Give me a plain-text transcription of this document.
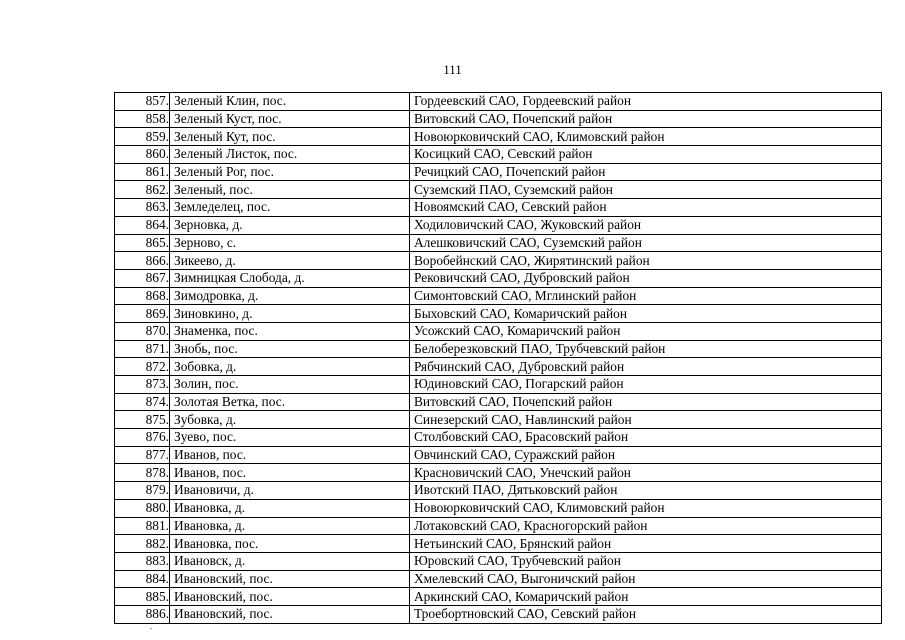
111
857.	Зеленый Клин, пос.	Гордеевский САО, Гордеевский район
858.	Зеленый Куст, пос.	Витовский САО, Почепский район
859.	Зеленый Кут, пос.	Новоюрковичский САО, Климовский район
860.	Зеленый Листок, пос.	Косицкий САО, Севский район
861.	Зеленый Рог, пос.	Речицкий САО, Почепский район
862.	Зеленый, пос.	Суземский ПАО, Суземский район
863.	Земледелец, пос.	Новоямский САО, Севский район
864.	Зерновка, д.	Ходиловичский САО, Жуковский район
865.	Зерново, с.	Алешковичский САО, Суземский район
866.	Зикеево, д.	Воробейнский САО, Жирятинский район
867.	Зимницкая Слобода, д.	Рековичский САО, Дубровский район
868.	Зимодровка, д.	Симонтовский САО, Мглинский район
869.	Зиновкино, д.	Быховский САО, Комаричский район
870.	Знаменка, пос.	Усожский САО, Комаричский район
871.	Знобь, пос.	Белоберезковский ПАО, Трубчевский район
872.	Зобовка, д.	Рябчинский САО, Дубровский район
873.	Золин, пос.	Юдиновский САО, Погарский район
874.	Золотая Ветка, пос.	Витовский САО, Почепский район
875.	Зубовка, д.	Синезерский САО, Навлинский район
876.	Зуево, пос.	Столбовский САО, Брасовский район
877.	Иванов, пос.	Овчинский САО, Суражский район
878.	Иванов, пос.	Красновичский САО, Унечский район
879.	Ивановичи, д.	Ивотский ПАО, Дятьковский район
880.	Ивановка, д.	Новоюрковичский САО, Климовский район
881.	Ивановка, д.	Лотаковский САО, Красногорский район
882.	Ивановка, пос.	Нетьинский САО, Брянский район
883.	Ивановск, д.	Юровский САО, Трубчевский район
884.	Ивановский, пос.	Хмелевский САО, Выгоничский район
885.	Ивановский, пос.	Аркинский САО, Комаричский район
886.	Ивановский, пос.	Троебортновский САО, Севский район
